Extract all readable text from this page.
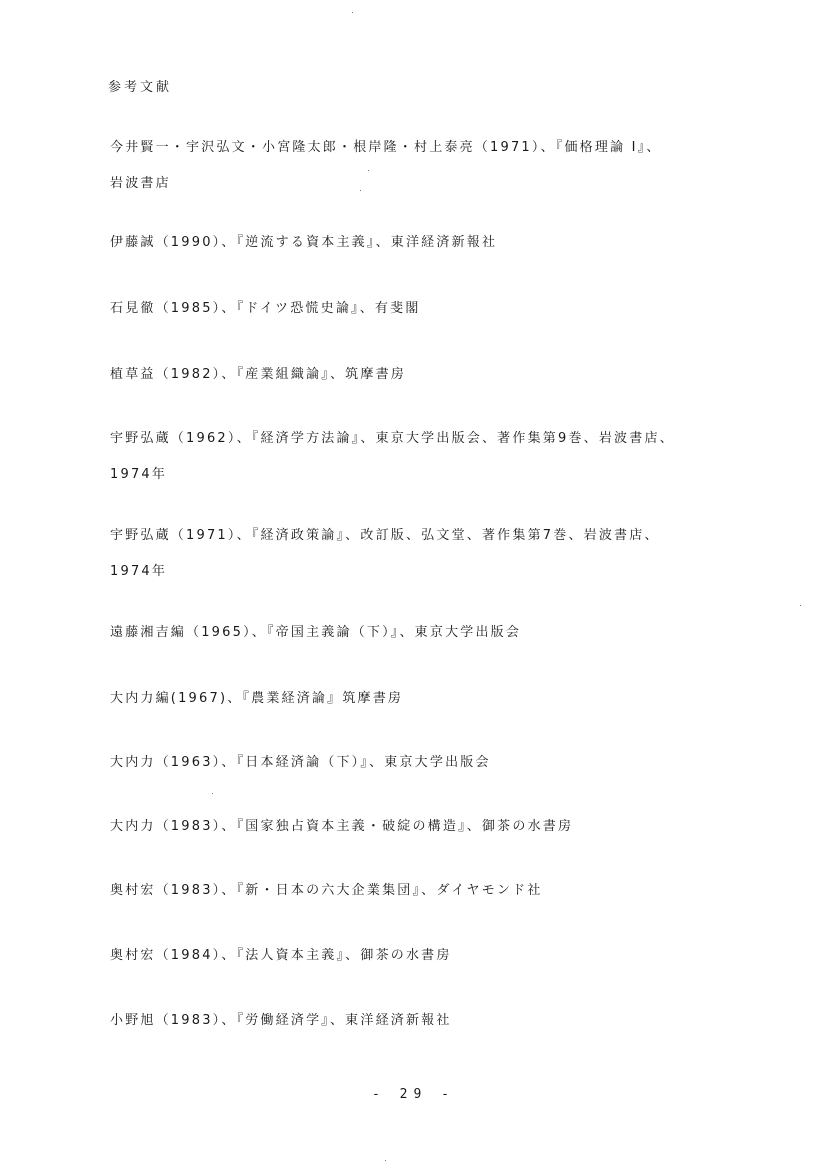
参考文献
今井賢一・宇沢弘文・小宮隆太郎・根岸隆・村上泰亮（1971）、『価格理論 Ⅰ』、
岩波書店
伊藤誠（1990）、『逆流する資本主義』、東洋経済新報社
石見徹（1985）、『ドイツ恐慌史論』、有斐閣
植草益（1982）、『産業組織論』、筑摩書房
宇野弘蔵（1962）、『経済学方法論』、東京大学出版会、著作集第9巻、岩波書店、
1974年
宇野弘蔵（1971）、『経済政策論』、改訂版、弘文堂、著作集第7巻、岩波書店、
1974年
遠藤湘吉編（1965）、『帝国主義論（下）』、東京大学出版会
大内力編(1967)、『農業経済論』筑摩書房
大内力（1963）、『日本経済論（下）』、東京大学出版会
大内力（1983）、『国家独占資本主義・破綻の構造』、御茶の水書房
奥村宏（1983）、『新・日本の六大企業集団』、ダイヤモンド社
奥村宏（1984）、『法人資本主義』、御茶の水書房
小野旭（1983）、『労働経済学』、東洋経済新報社
- 29 -
